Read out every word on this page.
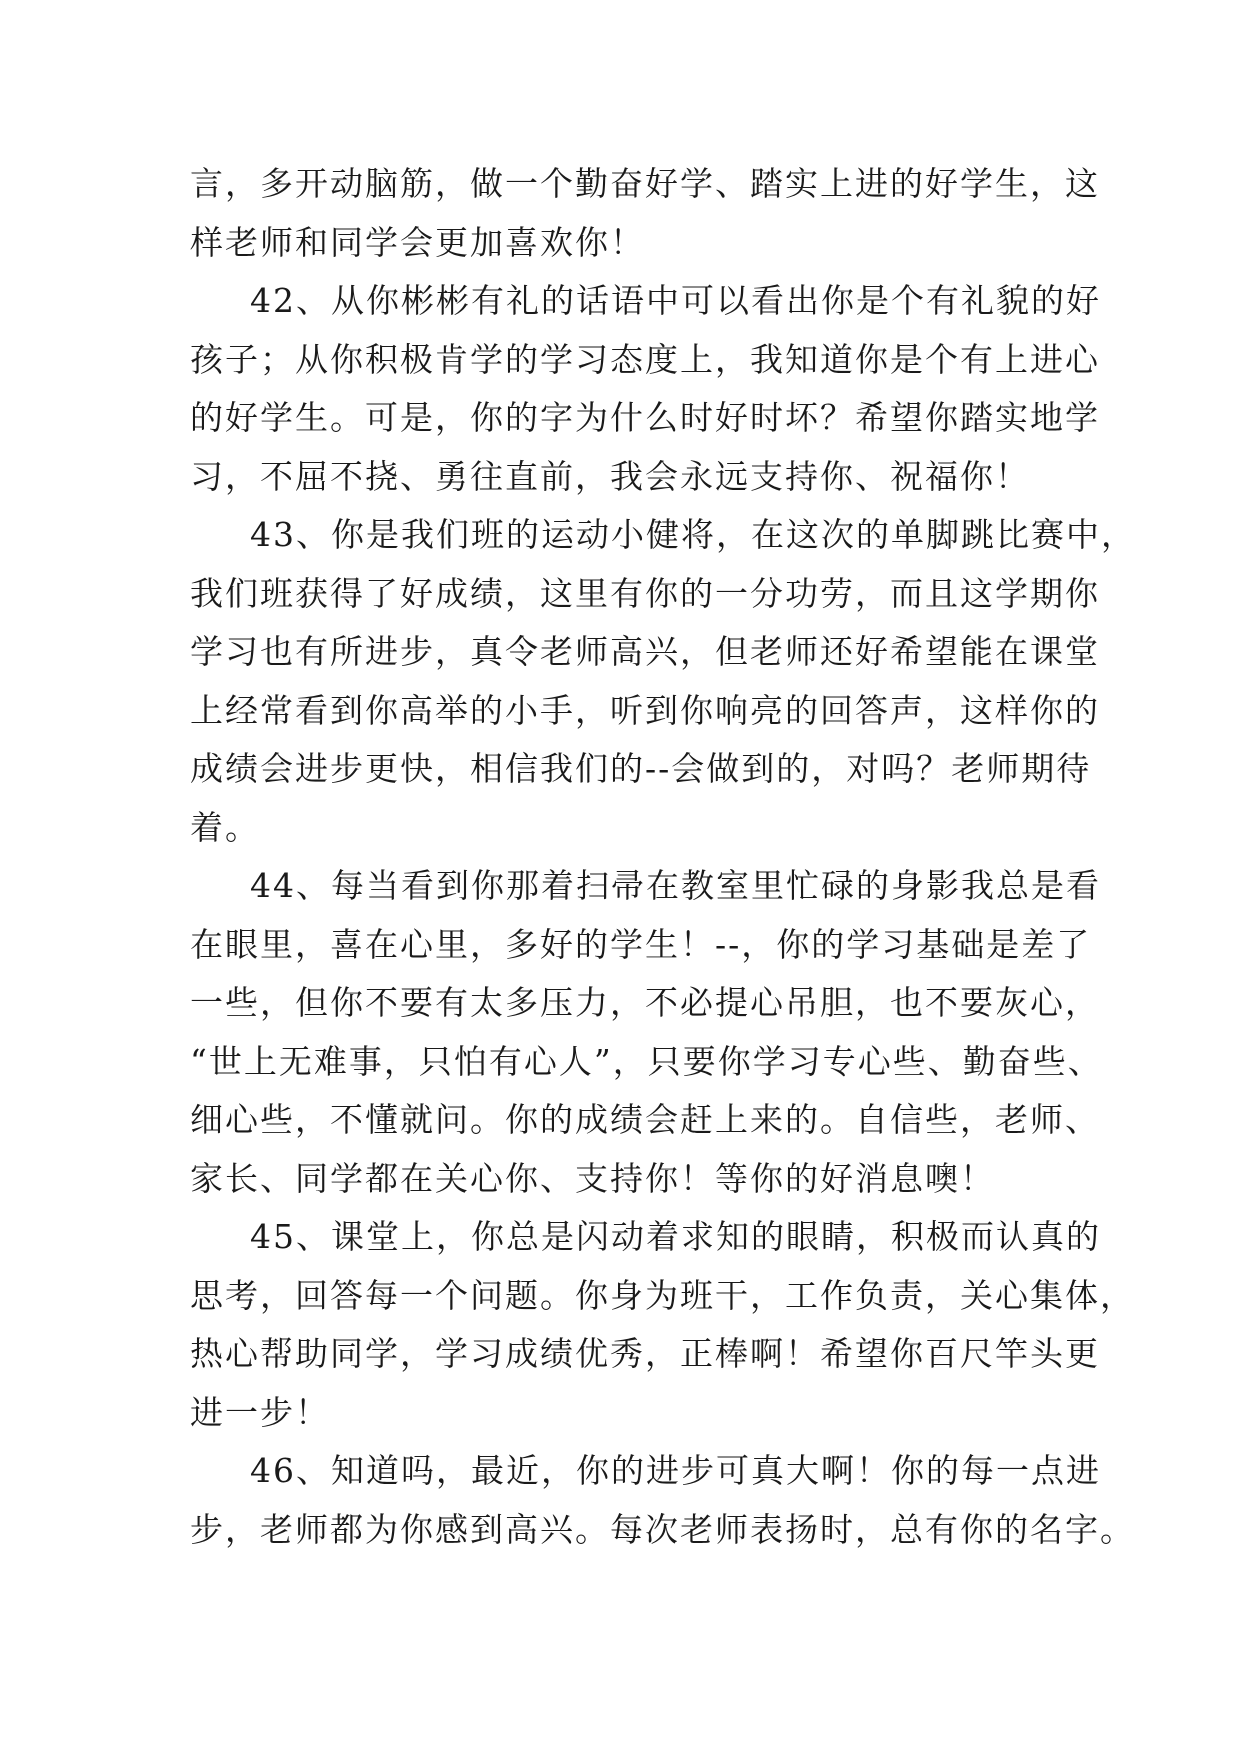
言，多开动脑筋，做一个勤奋好学、踏实上进的好学生，这
样老师和同学会更加喜欢你！
42、从你彬彬有礼的话语中可以看出你是个有礼貌的好
孩子；从你积极肯学的学习态度上，我知道你是个有上进心
的好学生。可是，你的字为什么时好时坏？希望你踏实地学
习，不屈不挠、勇往直前，我会永远支持你、祝福你！
43、你是我们班的运动小健将，在这次的单脚跳比赛中，
我们班获得了好成绩，这里有你的一分功劳，而且这学期你
学习也有所进步，真令老师高兴，但老师还好希望能在课堂
上经常看到你高举的小手，听到你响亮的回答声，这样你的
成绩会进步更快，相信我们的--会做到的，对吗？老师期待
着。
44、每当看到你那着扫帚在教室里忙碌的身影我总是看
在眼里，喜在心里，多好的学生！--，你的学习基础是差了
一些，但你不要有太多压力，不必提心吊胆，也不要灰心，
“世上无难事，只怕有心人”，只要你学习专心些、勤奋些、
细心些，不懂就问。你的成绩会赶上来的。自信些，老师、
家长、同学都在关心你、支持你！等你的好消息噢！
45、课堂上，你总是闪动着求知的眼睛，积极而认真的
思考，回答每一个问题。你身为班干，工作负责，关心集体，
热心帮助同学，学习成绩优秀，正棒啊！希望你百尺竿头更
进一步！
46、知道吗，最近，你的进步可真大啊！你的每一点进
步，老师都为你感到高兴。每次老师表扬时，总有你的名字。
